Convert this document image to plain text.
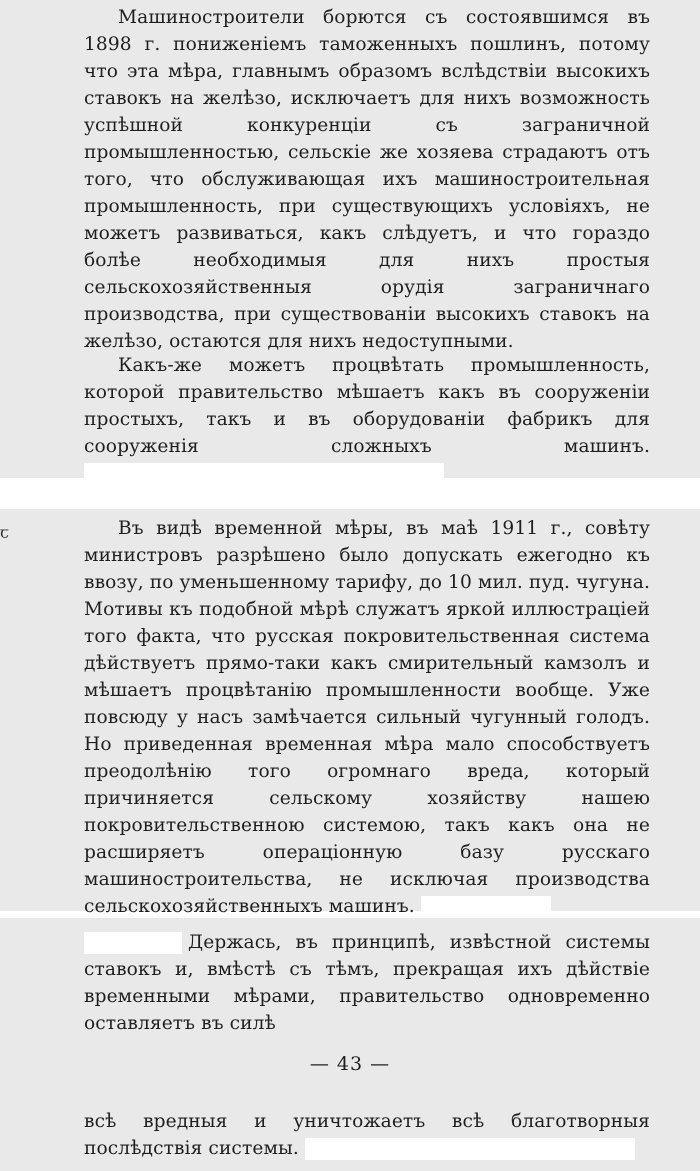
ꞇ
Машиностроители борются съ состоявшимся въ 1898 г. пониженіемъ таможенныхъ пошлинъ, потому что эта мѣра, главнымъ образомъ вслѣдствіи высокихъ ставокъ на желѣзо, исключаетъ для нихъ возможность успѣшной конкуренціи съ заграничной промышленностью, сельскіе же хозяева страдаютъ отъ того, что обслуживающая ихъ машиностроительная промышленность, при существующихъ условіяхъ, не можетъ развиваться, какъ слѣдуетъ, и что гораздо болѣе необходимыя для нихъ простыя сельскохозяйственныя орудія заграничнаго производства, при существованіи высокихъ ставокъ на желѣзо, остаются для нихъ недоступными.
Какъ-же можетъ процвѣтать промышленность, которой правительство мѣшаетъ какъ въ сооруженіи простыхъ, такъ и въ оборудованіи фабрикъ для сооруженія сложныхъ машинъ.
Въ видѣ временной мѣры, въ маѣ 1911 г., совѣту министровъ разрѣшено было допускать ежегодно къ ввозу, по уменьшенному тарифу, до 10 мил. пуд. чугуна. Мотивы къ подобной мѣрѣ служатъ яркой иллюстраціей того факта, что русская покровительственная система дѣйствуетъ прямо-таки какъ смирительный камзолъ и мѣшаетъ процвѣтанію промышленности вообще. Уже повсюду у насъ замѣчается сильный чугунный голодъ. Но приведенная временная мѣра мало способствуетъ преодолѣнію того огромнаго вреда, который причиняется сельскому хозяйству нашею покровительственною системою, такъ какъ она не расширяетъ операціонную базу русскаго машиностроительства, не исключая производства сельскохозяйственныхъ машинъ.
Держась, въ принципѣ, извѣстной системы ставокъ и, вмѣстѣ съ тѣмъ, прекращая ихъ дѣйствіе временными мѣрами, правительство одновременно оставляетъ въ силѣ
— 43 —
всѣ вредныя и уничтожаетъ всѣ благотворныя послѣдствія системы.
